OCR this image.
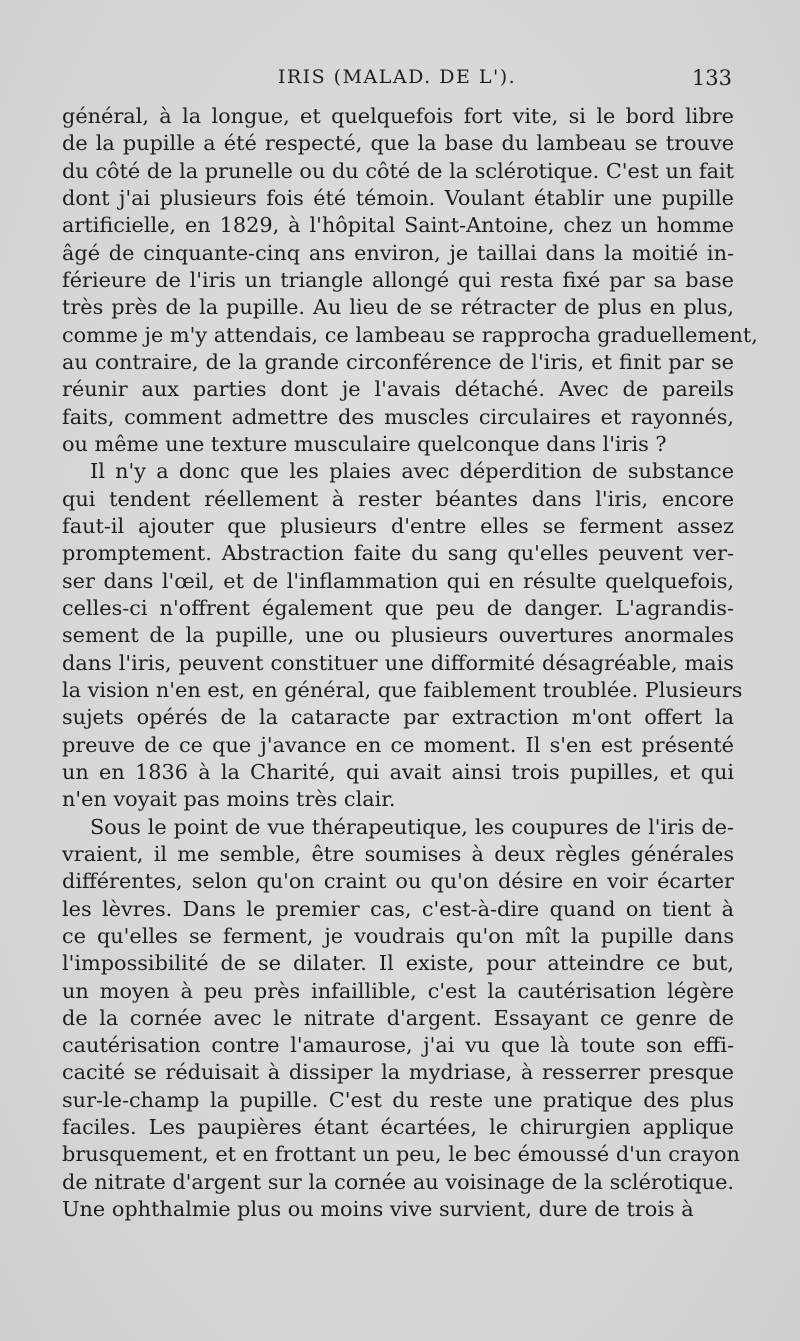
IRIS (MALAD. DE L').	133
général, à la longue, et quelquefois fort vite, si le bord libre
de la pupille a été respecté, que la base du lambeau se trouve
du côté de la prunelle ou du côté de la sclérotique. C'est un fait
dont j'ai plusieurs fois été témoin. Voulant établir une pupille
artificielle, en 1829, à l'hôpital Saint-Antoine, chez un homme
âgé de cinquante-cinq ans environ, je taillai dans la moitié in-
férieure de l'iris un triangle allongé qui resta fixé par sa base
très près de la pupille. Au lieu de se rétracter de plus en plus,
comme je m'y attendais, ce lambeau se rapprocha graduellement,
au contraire, de la grande circonférence de l'iris, et finit par se
réunir aux parties dont je l'avais détaché. Avec de pareils
faits, comment admettre des muscles circulaires et rayonnés,
ou même une texture musculaire quelconque dans l'iris ?
Il n'y a donc que les plaies avec déperdition de substance
qui tendent réellement à rester béantes dans l'iris, encore
faut-il ajouter que plusieurs d'entre elles se ferment assez
promptement. Abstraction faite du sang qu'elles peuvent ver-
ser dans l'œil, et de l'inflammation qui en résulte quelquefois,
celles-ci n'offrent également que peu de danger. L'agrandis-
sement de la pupille, une ou plusieurs ouvertures anormales
dans l'iris, peuvent constituer une difformité désagréable, mais
la vision n'en est, en général, que faiblement troublée. Plusieurs
sujets opérés de la cataracte par extraction m'ont offert la
preuve de ce que j'avance en ce moment. Il s'en est présenté
un en 1836 à la Charité, qui avait ainsi trois pupilles, et qui
n'en voyait pas moins très clair.
Sous le point de vue thérapeutique, les coupures de l'iris de-
vraient, il me semble, être soumises à deux règles générales
différentes, selon qu'on craint ou qu'on désire en voir écarter
les lèvres. Dans le premier cas, c'est-à-dire quand on tient à
ce qu'elles se ferment, je voudrais qu'on mît la pupille dans
l'impossibilité de se dilater. Il existe, pour atteindre ce but,
un moyen à peu près infaillible, c'est la cautérisation légère
de la cornée avec le nitrate d'argent. Essayant ce genre de
cautérisation contre l'amaurose, j'ai vu que là toute son effi-
cacité se réduisait à dissiper la mydriase, à resserrer presque
sur-le-champ la pupille. C'est du reste une pratique des plus
faciles. Les paupières étant écartées, le chirurgien applique
brusquement, et en frottant un peu, le bec émoussé d'un crayon
de nitrate d'argent sur la cornée au voisinage de la sclérotique.
Une ophthalmie plus ou moins vive survient, dure de trois à
